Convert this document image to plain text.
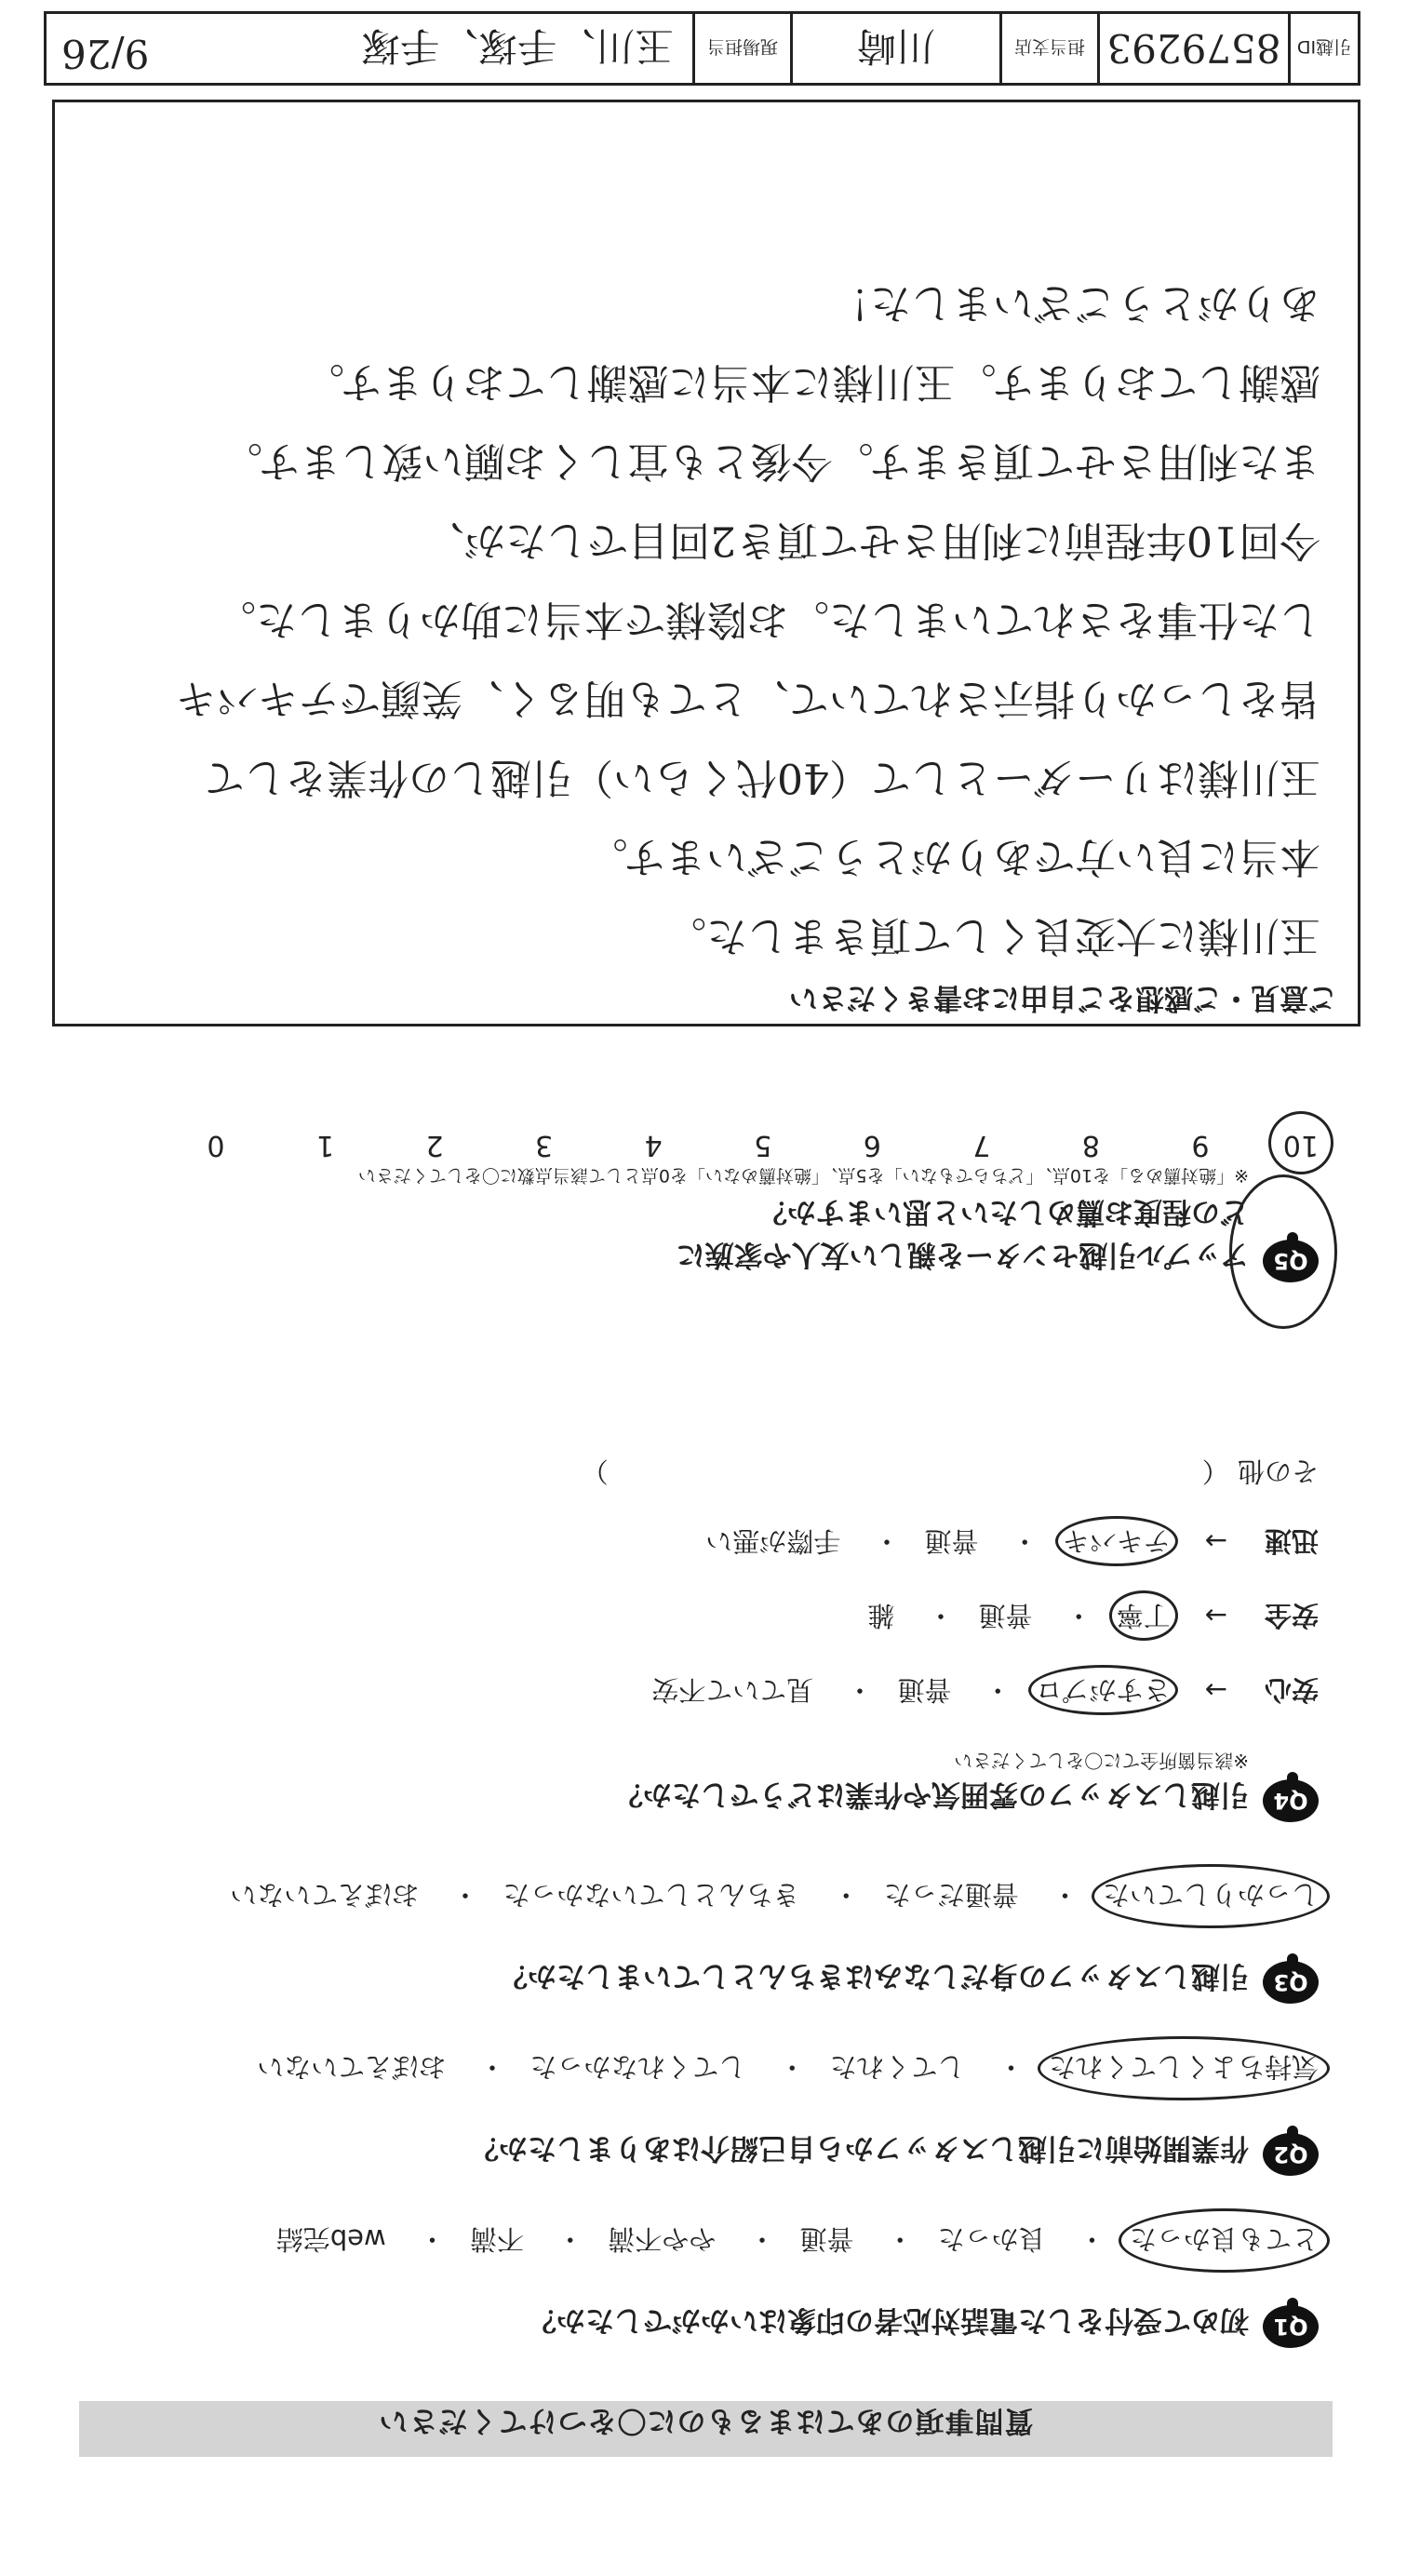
質問事項のあてはまるものに〇をつけてください
Q1
初めて受付をした電話対応者の印象はいかがでしたか？
とても良かった・ 良かった・ 普通・ やや不満・ 不満・ web完結
Q2
作業開始前に引越しスタッフから自己紹介はありましたか？
気持ちよくしてくれた・ してくれた・ してくれなかった・ おぼえていない
Q3
引越しスタッフの身だしなみはきちんとしていましたか？
しっかりしていた・ 普通だった・ きちんとしていなかった・ おぼえていない
Q4
引越しスタッフの雰囲気や作業はどうでしたか？
※該当箇所全てに〇をしてください
安心→ さすがプロ・ 普通・ 見ていて不安
安全→ 丁寧・ 普通・ 雑
迅速→ テキパキ・ 普通・ 手際が悪い
その他 （　　　　　　　　　　　　　　　　　　　　　　）
Q5
アップル引越センターを親しい友人や家族に
どの程度お薦めしたいと思いますか？
※「絶対薦める」を10点、「どちらでもない」を5点、「絶対薦めない」を0点として該当点数に〇をしてください
10 9 8 7 6 5 4 3 2 1 0
ご意見・ご感想をご自由にお書きください
玉川様に大変良くして頂きました。
本当に良い方でありがとうございます。
玉川様はリーダーとして（40代くらい）引越しの作業をして
皆をしっかり指示されていて、とても明るく、笑顔でテキパキ
した仕事をされていました。お陰様で本当に助かりました。
今回10年程前に利用させて頂き2回目でしたが、
また利用させて頂きます。今後とも宜しくお願い致します。
感謝しております。玉川様に本当に感謝しております。
ありがとうございました！
引越ID	8579293	担当支店	川崎	現場担当	玉川、手塚、手塚
9/26
